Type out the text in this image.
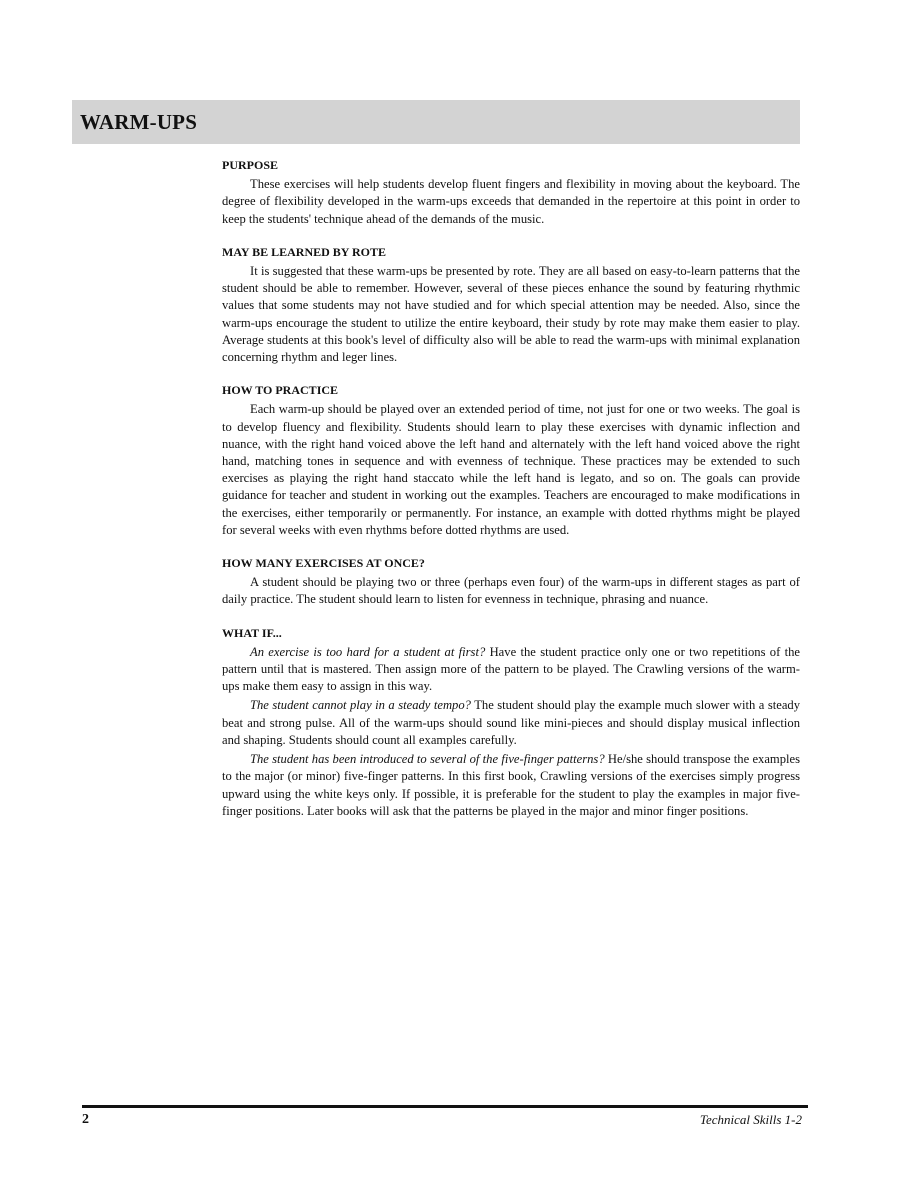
WARM-UPS
PURPOSE

These exercises will help students develop fluent fingers and flexibility in moving about the keyboard. The degree of flexibility developed in the warm-ups exceeds that demanded in the repertoire at this point in order to keep the students' technique ahead of the demands of the music.

MAY BE LEARNED BY ROTE

It is suggested that these warm-ups be presented by rote. They are all based on easy-to-learn patterns that the student should be able to remember. However, several of these pieces enhance the sound by featuring rhythmic values that some students may not have studied and for which special attention may be needed. Also, since the warm-ups encourage the student to utilize the entire keyboard, their study by rote may make them easier to play. Average students at this book's level of difficulty also will be able to read the warm-ups with minimal explanation concerning rhythm and leger lines.

HOW TO PRACTICE

Each warm-up should be played over an extended period of time, not just for one or two weeks. The goal is to develop fluency and flexibility. Students should learn to play these exercises with dynamic inflection and nuance, with the right hand voiced above the left hand and alternately with the left hand voiced above the right hand, matching tones in sequence and with evenness of technique. These practices may be extended to such exercises as playing the right hand staccato while the left hand is legato, and so on. The goals can provide guidance for teacher and student in working out the examples. Teachers are encouraged to make modifications in the exercises, either temporarily or permanently. For instance, an example with dotted rhythms might be played for several weeks with even rhythms before dotted rhythms are used.

HOW MANY EXERCISES AT ONCE?

A student should be playing two or three (perhaps even four) of the warm-ups in different stages as part of daily practice. The student should learn to listen for evenness in technique, phrasing and nuance.

WHAT IF...

An exercise is too hard for a student at first? Have the student practice only one or two repetitions of the pattern until that is mastered. Then assign more of the pattern to be played. The Crawling versions of the warm-ups make them easy to assign in this way.

The student cannot play in a steady tempo? The student should play the example much slower with a steady beat and strong pulse. All of the warm-ups should sound like mini-pieces and should display musical inflection and shaping. Students should count all examples carefully.

The student has been introduced to several of the five-finger patterns? He/she should transpose the examples to the major (or minor) five-finger patterns. In this first book, Crawling versions of the exercises simply progress upward using the white keys only. If possible, it is preferable for the student to play the examples in major five-finger positions. Later books will ask that the patterns be played in the major and minor finger positions.

2	Technical Skills 1-2
